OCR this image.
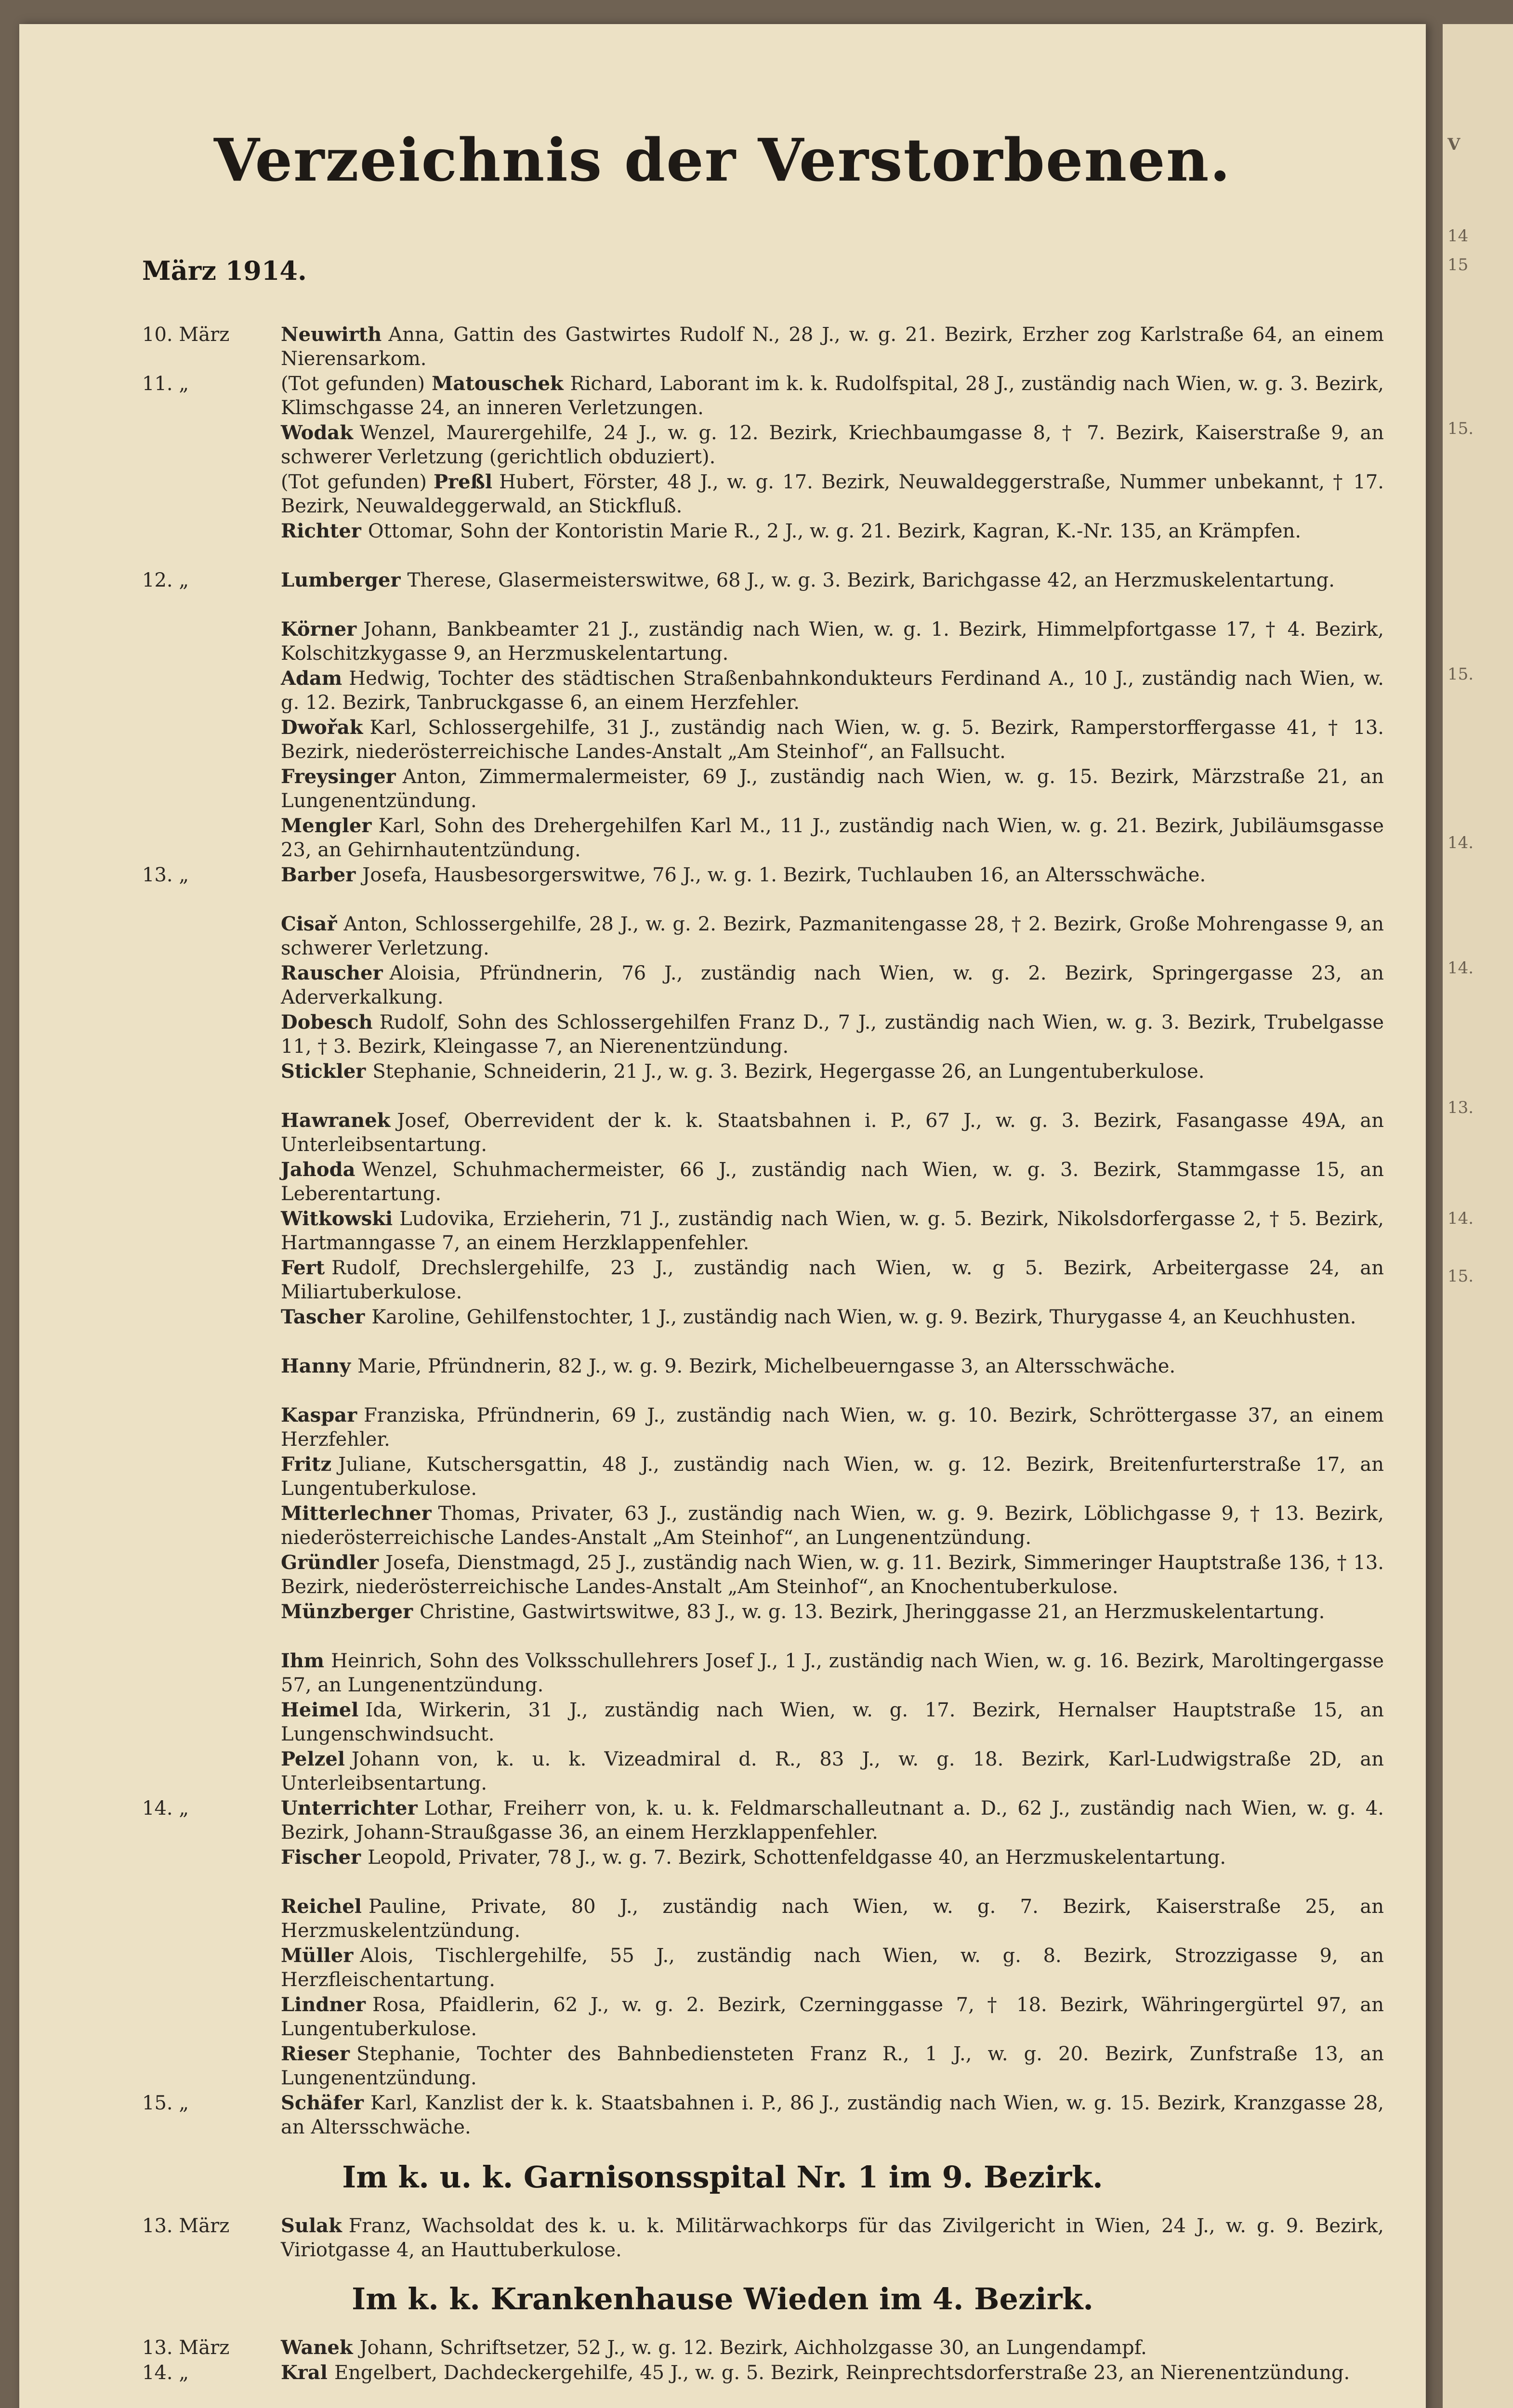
V
14
15
15.
15.
14.
14.
13.
14.
15.
Verzeichnis der Verstorbenen.
März 1914.
10. März	Neuwirth Anna, Gattin des Gastwirtes Rudolf N., 28 J., w. g. 21. Bezirk, Erzher zog Karlstraße 64, an einem Nierensarkom.
11. „	(Tot gefunden) Matouschek Richard, Laborant im k. k. Rudolfspital, 28 J., zuständig nach Wien, w. g. 3. Bezirk, Klimschgasse 24, an inneren Verletzungen.
Wodak Wenzel, Maurergehilfe, 24 J., w. g. 12. Bezirk, Kriechbaumgasse 8, † 7. Bezirk, Kaiserstraße 9, an schwerer Verletzung (gerichtlich obduziert).
(Tot gefunden) Preßl Hubert, Förster, 48 J., w. g. 17. Bezirk, Neuwaldeggerstraße, Nummer unbekannt, † 17. Bezirk, Neuwaldeggerwald, an Stickfluß.
Richter Ottomar, Sohn der Kontoristin Marie R., 2 J., w. g. 21. Bezirk, Kagran, K.-Nr. 135, an Krämpfen.
12. „	Lumberger Therese, Glasermeisterswitwe, 68 J., w. g. 3. Bezirk, Barichgasse 42, an Herzmuskelentartung.
Körner Johann, Bankbeamter 21 J., zuständig nach Wien, w. g. 1. Bezirk, Himmelpfortgasse 17, † 4. Bezirk, Kolschitzkygasse 9, an Herzmuskelentartung.
Adam Hedwig, Tochter des städtischen Straßenbahnkondukteurs Ferdinand A., 10 J., zuständig nach Wien, w. g. 12. Bezirk, Tanbruckgasse 6, an einem Herzfehler.
Dwořak Karl, Schlossergehilfe, 31 J., zuständig nach Wien, w. g. 5. Bezirk, Ramperstorffergasse 41, † 13. Bezirk, niederösterreichische Landes-Anstalt „Am Steinhof“, an Fallsucht.
Freysinger Anton, Zimmermalermeister, 69 J., zuständig nach Wien, w. g. 15. Bezirk, Märzstraße 21, an Lungenentzündung.
Mengler Karl, Sohn des Drehergehilfen Karl M., 11 J., zuständig nach Wien, w. g. 21. Bezirk, Jubiläumsgasse 23, an Gehirnhautentzündung.
13. „	Barber Josefa, Hausbesorgerswitwe, 76 J., w. g. 1. Bezirk, Tuchlauben 16, an Altersschwäche.
Cisař Anton, Schlossergehilfe, 28 J., w. g. 2. Bezirk, Pazmanitengasse 28, † 2. Bezirk, Große Mohrengasse 9, an schwerer Verletzung.
Rauscher Aloisia, Pfründnerin, 76 J., zuständig nach Wien, w. g. 2. Bezirk, Springergasse 23, an Aderverkalkung.
Dobesch Rudolf, Sohn des Schlossergehilfen Franz D., 7 J., zuständig nach Wien, w. g. 3. Bezirk, Trubelgasse 11, † 3. Bezirk, Kleingasse 7, an Nierenentzündung.
Stickler Stephanie, Schneiderin, 21 J., w. g. 3. Bezirk, Hegergasse 26, an Lungentuberkulose.
Hawranek Josef, Oberrevident der k. k. Staatsbahnen i. P., 67 J., w. g. 3. Bezirk, Fasangasse 49A, an Unterleibsentartung.
Jahoda Wenzel, Schuhmachermeister, 66 J., zuständig nach Wien, w. g. 3. Bezirk, Stammgasse 15, an Leberentartung.
Witkowski Ludovika, Erzieherin, 71 J., zuständig nach Wien, w. g. 5. Bezirk, Nikolsdorfergasse 2, † 5. Bezirk, Hartmanngasse 7, an einem Herzklappenfehler.
Fert Rudolf, Drechslergehilfe, 23 J., zuständig nach Wien, w. g 5. Bezirk, Arbeitergasse 24, an Miliartuberkulose.
Tascher Karoline, Gehilfenstochter, 1 J., zuständig nach Wien, w. g. 9. Bezirk, Thurygasse 4, an Keuchhusten.
Hanny Marie, Pfründnerin, 82 J., w. g. 9. Bezirk, Michelbeuerngasse 3, an Altersschwäche.
Kaspar Franziska, Pfründnerin, 69 J., zuständig nach Wien, w. g. 10. Bezirk, Schröttergasse 37, an einem Herzfehler.
Fritz Juliane, Kutschersgattin, 48 J., zuständig nach Wien, w. g. 12. Bezirk, Breitenfurterstraße 17, an Lungentuberkulose.
Mitterlechner Thomas, Privater, 63 J., zuständig nach Wien, w. g. 9. Bezirk, Löblichgasse 9, † 13. Bezirk, niederösterreichische Landes-Anstalt „Am Steinhof“, an Lungenentzündung.
Gründler Josefa, Dienstmagd, 25 J., zuständig nach Wien, w. g. 11. Bezirk, Simmeringer Hauptstraße 136, † 13. Bezirk, niederösterreichische Landes-Anstalt „Am Steinhof“, an Knochentuberkulose.
Münzberger Christine, Gastwirtswitwe, 83 J., w. g. 13. Bezirk, Jheringgasse 21, an Herzmuskelentartung.
Ihm Heinrich, Sohn des Volksschullehrers Josef J., 1 J., zuständig nach Wien, w. g. 16. Bezirk, Maroltingergasse 57, an Lungenentzündung.
Heimel Ida, Wirkerin, 31 J., zuständig nach Wien, w. g. 17. Bezirk, Hernalser Hauptstraße 15, an Lungenschwindsucht.
Pelzel Johann von, k. u. k. Vizeadmiral d. R., 83 J., w. g. 18. Bezirk, Karl-Ludwigstraße 2D, an Unterleibsentartung.
14. „	Unterrichter Lothar, Freiherr von, k. u. k. Feldmarschalleutnant a. D., 62 J., zuständig nach Wien, w. g. 4. Bezirk, Johann-Straußgasse 36, an einem Herzklappenfehler.
Fischer Leopold, Privater, 78 J., w. g. 7. Bezirk, Schottenfeldgasse 40, an Herzmuskelentartung.
Reichel Pauline, Private, 80 J., zuständig nach Wien, w. g. 7. Bezirk, Kaiserstraße 25, an Herzmuskelentzündung.
Müller Alois, Tischlergehilfe, 55 J., zuständig nach Wien, w. g. 8. Bezirk, Strozzigasse 9, an Herzfleischentartung.
Lindner Rosa, Pfaidlerin, 62 J., w. g. 2. Bezirk, Czerninggasse 7, † 18. Bezirk, Währingergürtel 97, an Lungentuberkulose.
Rieser Stephanie, Tochter des Bahnbediensteten Franz R., 1 J., w. g. 20. Bezirk, Zunfstraße 13, an Lungenentzündung.
15. „	Schäfer Karl, Kanzlist der k. k. Staatsbahnen i. P., 86 J., zuständig nach Wien, w. g. 15. Bezirk, Kranzgasse 28, an Altersschwäche.
Im k. u. k. Garnisonsspital Nr. 1 im 9. Bezirk.
13. März	Sulak Franz, Wachsoldat des k. u. k. Militärwachkorps für das Zivilgericht in Wien, 24 J., w. g. 9. Bezirk, Viriotgasse 4, an Hauttuberkulose.
Im k. k. Krankenhause Wieden im 4. Bezirk.
13. März	Wanek Johann, Schriftsetzer, 52 J., w. g. 12. Bezirk, Aichholzgasse 30, an Lungendampf.
14. „	Kral Engelbert, Dachdeckergehilfe, 45 J., w. g. 5. Bezirk, Reinprechtsdorferstraße 23, an Nierenentzündung.
